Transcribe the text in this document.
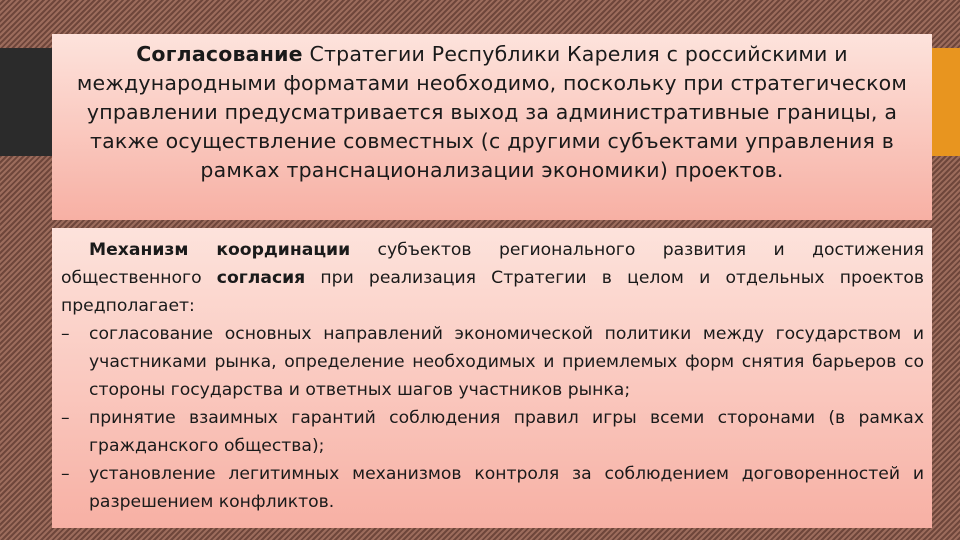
Согласование Стратегии Республики Карелия с российскими и международными форматами необходимо, поскольку при стратегическом управлении предусматривается выход за административные границы, а также осуществление совместных (с другими субъектами управления в рамках транснационализации экономики) проектов.

Механизм координации субъектов регионального развития и достижения общественного согласия при реализация Стратегии в целом и отдельных проектов предполагает:

–	согласование основных направлений экономической политики между государством и участниками рынка, определение необходимых и приемлемых форм снятия барьеров со стороны государства и ответных шагов участников рынка;
–	принятие взаимных гарантий соблюдения правил игры всеми сторонами (в рамках гражданского общества);
–	установление легитимных механизмов контроля за соблюдением договоренностей и разрешением конфликтов.
